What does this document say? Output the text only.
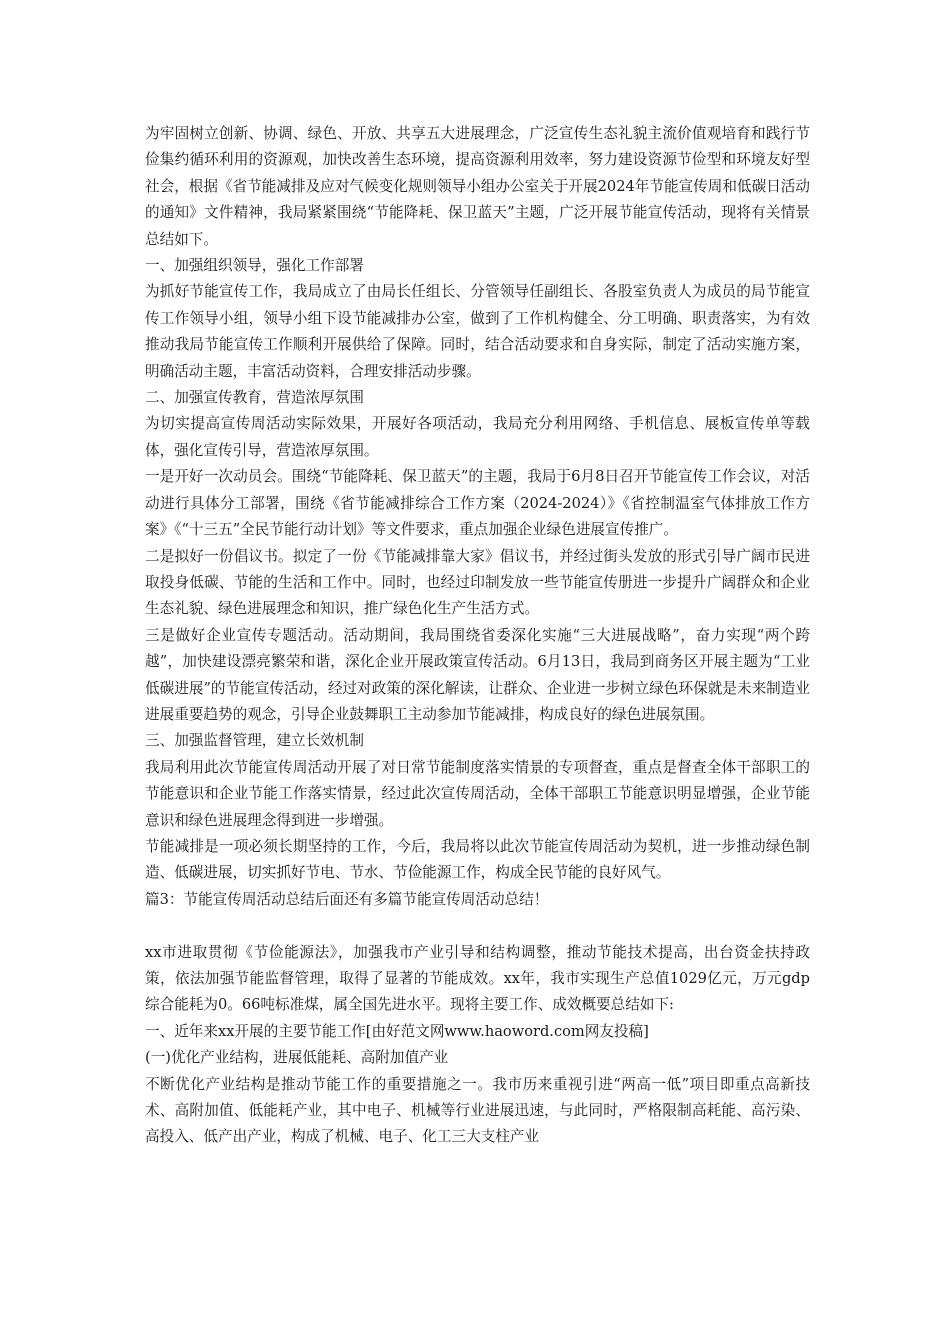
为牢固树立创新、协调、绿色、开放、共享五大进展理念，广泛宣传生态礼貌主流价值观培育和践行节俭集约循环利用的资源观，加快改善生态环境，提高资源利用效率，努力建设资源节俭型和环境友好型社会，根据《省节能减排及应对气候变化规则领导小组办公室关于开展2024年节能宣传周和低碳日活动的通知》文件精神，我局紧紧围绕“节能降耗、保卫蓝天”主题，广泛开展节能宣传活动，现将有关情景总结如下。

一、加强组织领导，强化工作部署

为抓好节能宣传工作，我局成立了由局长任组长、分管领导任副组长、各股室负责人为成员的局节能宣传工作领导小组，领导小组下设节能减排办公室，做到了工作机构健全、分工明确、职责落实，为有效推动我局节能宣传工作顺利开展供给了保障。同时，结合活动要求和自身实际，制定了活动实施方案，明确活动主题，丰富活动资料，合理安排活动步骤。

二、加强宣传教育，营造浓厚氛围

为切实提高宣传周活动实际效果，开展好各项活动，我局充分利用网络、手机信息、展板宣传单等载体，强化宣传引导，营造浓厚氛围。

一是开好一次动员会。围绕“节能降耗、保卫蓝天”的主题，我局于6月8日召开节能宣传工作会议，对活动进行具体分工部署，围绕《省节能减排综合工作方案（2024-2024）》《省控制温室气体排放工作方案》《“十三五”全民节能行动计划》等文件要求，重点加强企业绿色进展宣传推广。

二是拟好一份倡议书。拟定了一份《节能减排靠大家》倡议书，并经过街头发放的形式引导广阔市民进取投身低碳、节能的生活和工作中。同时，也经过印制发放一些节能宣传册进一步提升广阔群众和企业生态礼貌、绿色进展理念和知识，推广绿色化生产生活方式。

三是做好企业宣传专题活动。活动期间，我局围绕省委深化实施“三大进展战略”，奋力实现“两个跨越”，加快建设漂亮繁荣和谐，深化企业开展政策宣传活动。6月13日，我局到商务区开展主题为“工业低碳进展”的节能宣传活动，经过对政策的深化解读，让群众、企业进一步树立绿色环保就是未来制造业进展重要趋势的观念，引导企业鼓舞职工主动参加节能减排，构成良好的绿色进展氛围。

三、加强监督管理，建立长效机制

我局利用此次节能宣传周活动开展了对日常节能制度落实情景的专项督查，重点是督查全体干部职工的节能意识和企业节能工作落实情景，经过此次宣传周活动，全体干部职工节能意识明显增强，企业节能意识和绿色进展理念得到进一步增强。

节能减排是一项必须长期坚持的工作，今后，我局将以此次节能宣传周活动为契机，进一步推动绿色制造、低碳进展，切实抓好节电、节水、节俭能源工作，构成全民节能的良好风气。

篇3：节能宣传周活动总结后面还有多篇节能宣传周活动总结！

xx市进取贯彻《节俭能源法》，加强我市产业引导和结构调整，推动节能技术提高，出台资金扶持政策，依法加强节能监督管理，取得了显著的节能成效。xx年，我市实现生产总值1029亿元，万元gdp综合能耗为0。66吨标准煤，属全国先进水平。现将主要工作、成效概要总结如下:

一、近年来xx开展的主要节能工作[由好范文网www.haoword.com网友投稿]

(一)优化产业结构，进展低能耗、高附加值产业

不断优化产业结构是推动节能工作的重要措施之一。我市历来重视引进“两高一低”项目即重点高新技术、高附加值、低能耗产业，其中电子、机械等行业进展迅速，与此同时，严格限制高耗能、高污染、高投入、低产出产业，构成了机械、电子、化工三大支柱产业
